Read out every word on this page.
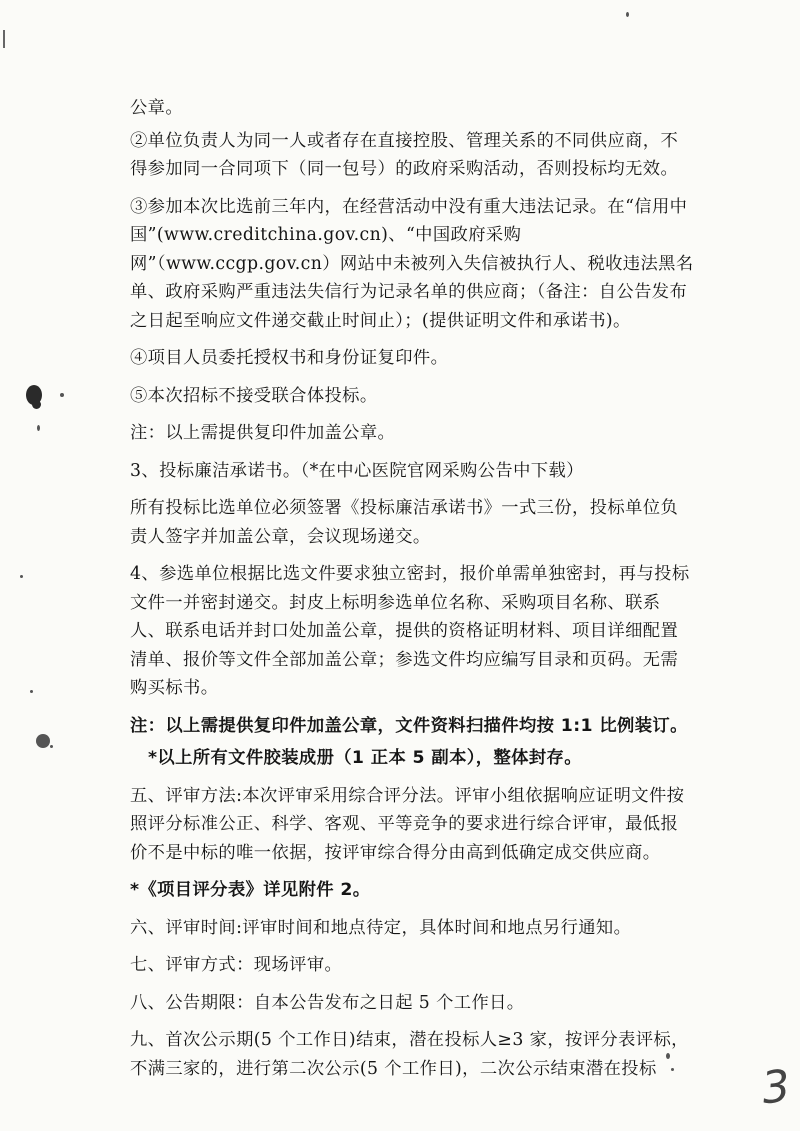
公章。

②单位负责人为同一人或者存在直接控股、管理关系的不同供应商，不得参加同一合同项下（同一包号）的政府采购活动，否则投标均无效。

③参加本次比选前三年内，在经营活动中没有重大违法记录。在“信用中国”(www.creditchina.gov.cn)、“中国政府采购网”（www.ccgp.gov.cn）网站中未被列入失信被执行人、税收违法黑名单、政府采购严重违法失信行为记录名单的供应商；（备注：自公告发布之日起至响应文件递交截止时间止）；(提供证明文件和承诺书)。

④项目人员委托授权书和身份证复印件。

⑤本次招标不接受联合体投标。

注：以上需提供复印件加盖公章。

3、投标廉洁承诺书。（*在中心医院官网采购公告中下载）

所有投标比选单位必须签署《投标廉洁承诺书》一式三份，投标单位负责人签字并加盖公章，会议现场递交。

4、参选单位根据比选文件要求独立密封，报价单需单独密封，再与投标文件一并密封递交。封皮上标明参选单位名称、采购项目名称、联系人、联系电话并封口处加盖公章，提供的资格证明材料、项目详细配置清单、报价等文件全部加盖公章；参选文件均应编写目录和页码。无需购买标书。

注：以上需提供复印件加盖公章，文件资料扫描件均按 1:1 比例装订。

*以上所有文件胶装成册（1 正本 5 副本），整体封存。

五、评审方法:本次评审采用综合评分法。评审小组依据响应证明文件按照评分标准公正、科学、客观、平等竞争的要求进行综合评审，最低报价不是中标的唯一依据，按评审综合得分由高到低确定成交供应商。

*《项目评分表》详见附件 2。

六、评审时间:评审时间和地点待定，具体时间和地点另行通知。

七、评审方式：现场评审。

八、公告期限：自本公告发布之日起 5 个工作日。

九、首次公示期(5 个工作日)结束，潜在投标人≥3 家，按评分表评标，不满三家的，进行第二次公示(5 个工作日)，二次公示结束潜在投标	3
